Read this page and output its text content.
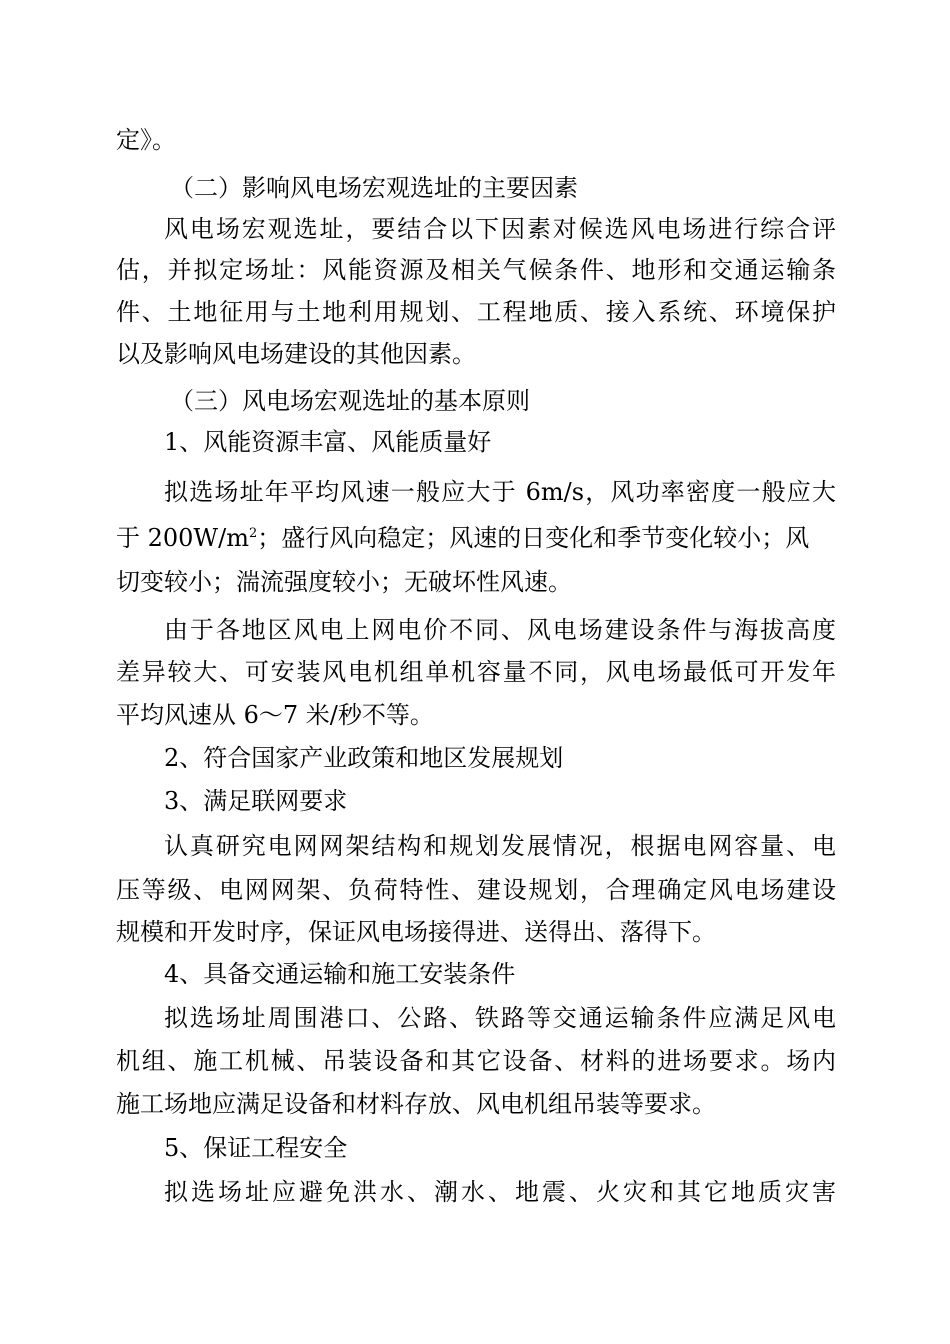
定》。
（二）影响风电场宏观选址的主要因素
风电场宏观选址，要结合以下因素对候选风电场进行综合评
估，并拟定场址：风能资源及相关气候条件、地形和交通运输条
件、土地征用与土地利用规划、工程地质、接入系统、环境保护
以及影响风电场建设的其他因素。
（三）风电场宏观选址的基本原则
1、风能资源丰富、风能质量好
拟选场址年平均风速一般应大于 6m/s，风功率密度一般应大
于 $200W/m^2$；盛行风向稳定；风速的日变化和季节变化较小；风
切变较小；湍流强度较小；无破坏性风速。
由于各地区风电上网电价不同、风电场建设条件与海拔高度
差异较大、可安装风电机组单机容量不同，风电场最低可开发年
平均风速从 6～7 米/秒不等。
2、符合国家产业政策和地区发展规划
3、满足联网要求
认真研究电网网架结构和规划发展情况，根据电网容量、电
压等级、电网网架、负荷特性、建设规划，合理确定风电场建设
规模和开发时序，保证风电场接得进、送得出、落得下。
4、具备交通运输和施工安装条件
拟选场址周围港口、公路、铁路等交通运输条件应满足风电
机组、施工机械、吊装设备和其它设备、材料的进场要求。场内
施工场地应满足设备和材料存放、风电机组吊装等要求。
5、保证工程安全
拟选场址应避免洪水、潮水、地震、火灾和其它地质灾害
